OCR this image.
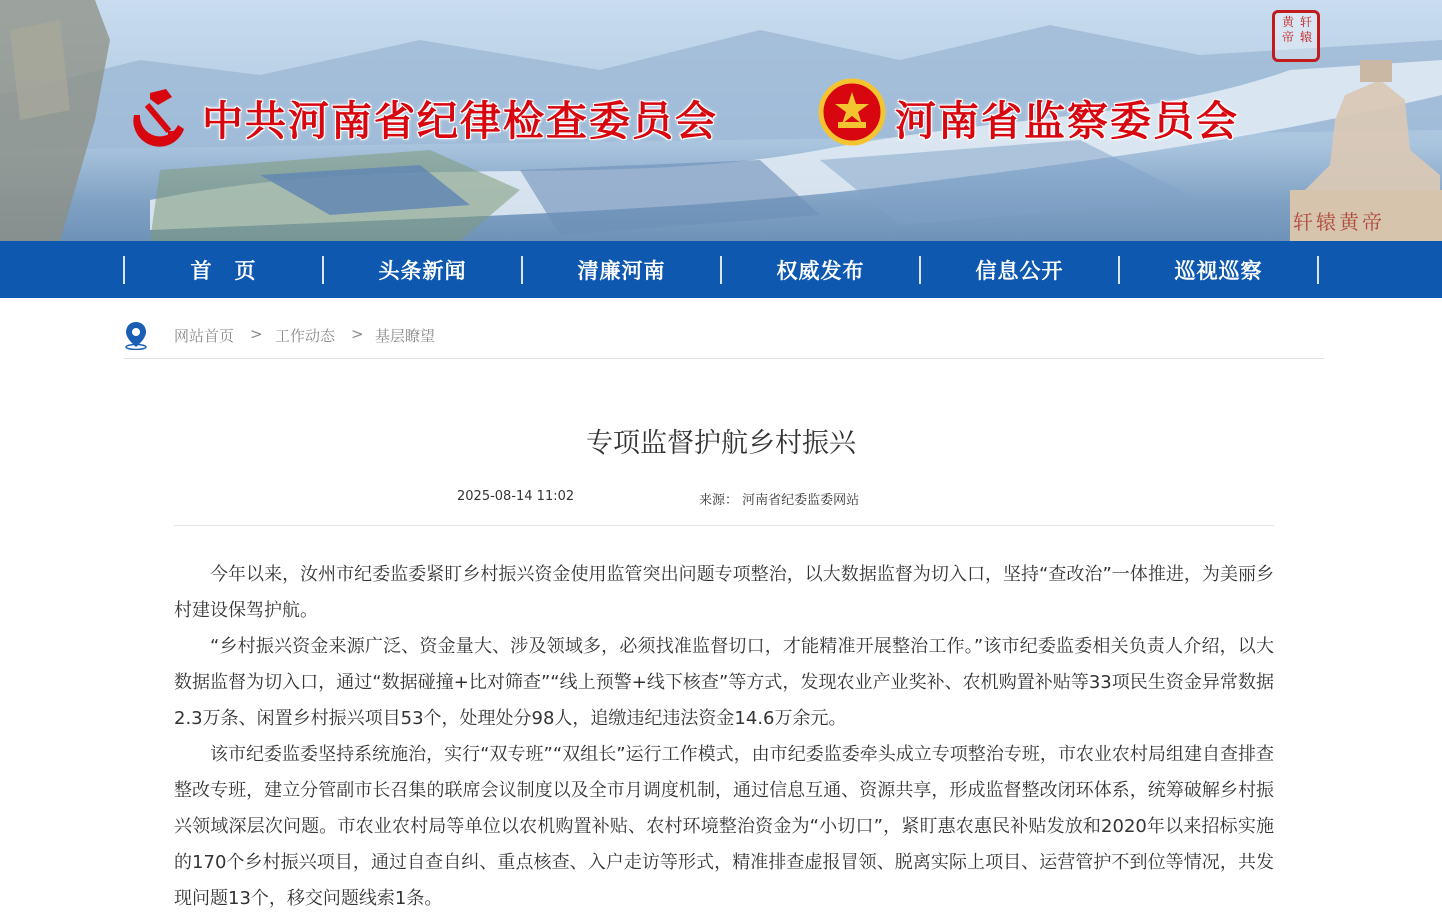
中共河南省纪律检查委员会	河南省监察委员会
轩
辕
黄
帝
轩辕黄帝
首　页	头条新闻	清廉河南	权威发布	信息公开	巡视巡察
网站首页 > 工作动态 > 基层瞭望
专项监督护航乡村振兴
2025-08-14 11:02	来源： 河南省纪委监委网站

今年以来，汝州市纪委监委紧盯乡村振兴资金使用监管突出问题专项整治，以大数据监督为切入口，坚持“查改治”一体推进，为美丽乡村建设保驾护航。

“乡村振兴资金来源广泛、资金量大、涉及领域多，必须找准监督切口，才能精准开展整治工作。”该市纪委监委相关负责人介绍，以大数据监督为切入口，通过“数据碰撞+比对筛查”“线上预警+线下核查”等方式，发现农业产业奖补、农机购置补贴等33项民生资金异常数据2.3万条、闲置乡村振兴项目53个，处理处分98人，追缴违纪违法资金14.6万余元。

该市纪委监委坚持系统施治，实行“双专班”“双组长”运行工作模式，由市纪委监委牵头成立专项整治专班，市农业农村局组建自查排查整改专班，建立分管副市长召集的联席会议制度以及全市月调度机制，通过信息互通、资源共享，形成监督整改闭环体系，统筹破解乡村振兴领域深层次问题。市农业农村局等单位以农机购置补贴、农村环境整治资金为“小切口”，紧盯惠农惠民补贴发放和2020年以来招标实施的170个乡村振兴项目，通过自查自纠、重点核查、入户走访等形式，精准排查虚报冒领、脱离实际上项目、运营管护不到位等情况，共发现问题13个，移交问题线索1条。
